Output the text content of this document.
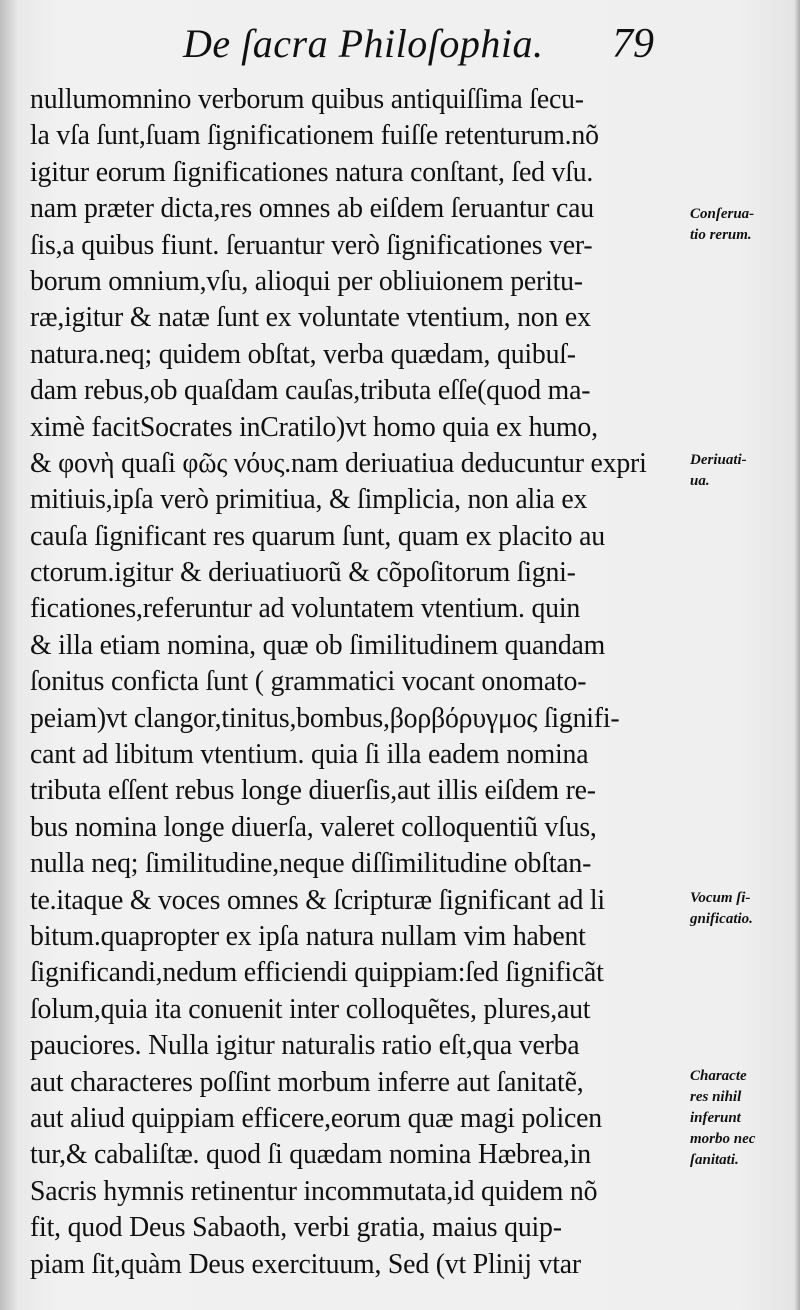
De ſacra Philoſophia. 79
nullumomnino verborum quibus antiquiſſima ſecu-
la vſa ſunt,ſuam ſignificationem fuiſſe retenturum.nõ
igitur eorum ſignificationes natura conſtant, ſed vſu.
nam præter dicta,res omnes ab eiſdem ſeruantur cau
ſis,a quibus fiunt. ſeruantur verò ſignificationes ver-
borum omnium,vſu, alioqui per obliuionem peritu-
ræ,igitur & natæ ſunt ex voluntate vtentium, non ex
natura.neq; quidem obſtat, verba quædam, quibuſ-
dam rebus,ob quaſdam cauſas,tributa eſſe(quod ma-
ximè facitSocrates inCratilo)vt homo quia ex humo,
& φονὴ quaſi φῶς νόυς.nam deriuatiua deducuntur expri
mitiuis,ipſa verò primitiua, & ſimplicia, non alia ex
cauſa ſignificant res quarum ſunt, quam ex placito au
ctorum.igitur & deriuatiuorũ & cõpoſitorum ſigni-
ficationes,referuntur ad voluntatem vtentium. quin
& illa etiam nomina, quæ ob ſimilitudinem quandam
ſonitus conficta ſunt ( grammatici vocant onomato-
peiam)vt clangor,tinitus,bombus,βορβόρυγμος ſignifi-
cant ad libitum vtentium. quia ſi illa eadem nomina
tributa eſſent rebus longe diuerſis,aut illis eiſdem re-
bus nomina longe diuerſa, valeret colloquentiũ vſus,
nulla neq; ſimilitudine,neque diſſimilitudine obſtan-
te.itaque & voces omnes & ſcripturæ ſignificant ad li
bitum.quapropter ex ipſa natura nullam vim habent
ſignificandi,nedum efficiendi quippiam:ſed ſignificãt
ſolum,quia ita conuenit inter colloquẽtes, plures,aut
pauciores. Nulla igitur naturalis ratio eſt,qua verba
aut characteres poſſint morbum inferre aut ſanitatẽ,
aut aliud quippiam efficere,eorum quæ magi policen
tur,& cabaliſtæ. quod ſi quædam nomina Hæbrea,in
Sacris hymnis retinentur incommutata,id quidem nõ
fit, quod Deus Sabaoth, verbi gratia, maius quip-
piam ſit,quàm Deus exercituum, Sed (vt Plinij vtar
Conſerua-
tio rerum.
Deriuati-
ua.
Vocum ſi-
gnificatio.
Characte
res nihil
inferunt
morbo nec
ſanitati.
